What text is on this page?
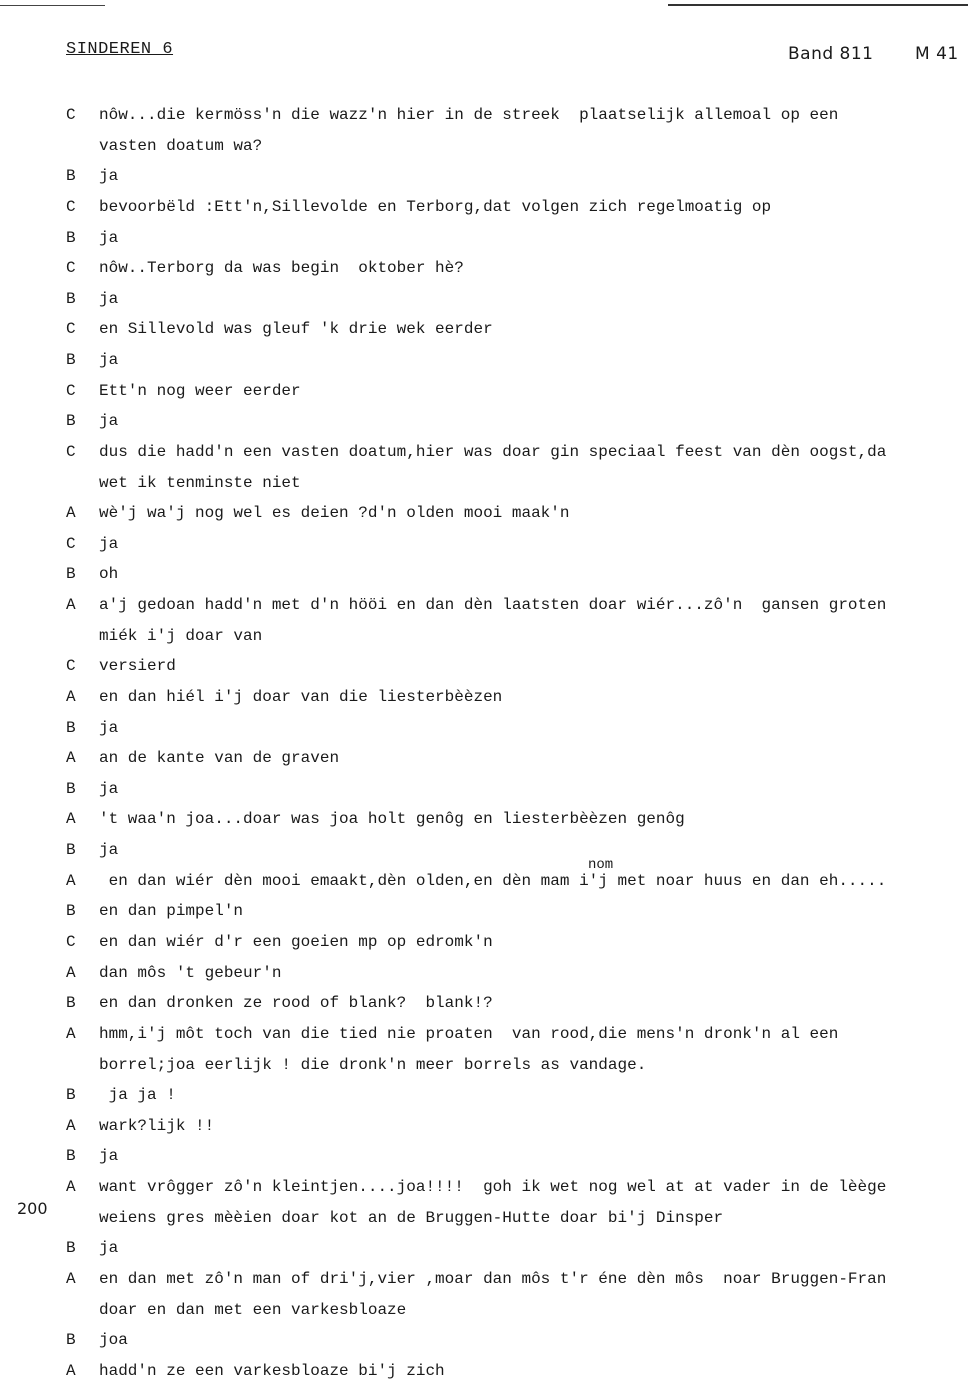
SINDEREN 6	Band 811 M 41
C nôw...die kermöss'n die wazz'n hier in de streek  plaatselijk allemoal op een
vasten doatum wa?
B ja
C bevoorbëld :Ett'n,Sillevolde en Terborg,dat volgen zich regelmoatig op
B ja
C nôw..Terborg da was begin  oktober hè?
B ja
C en Sillevold was gleuf 'k drie wek eerder
B ja
C Ett'n nog weer eerder
B ja
C dus die hadd'n een vasten doatum,hier was doar gin speciaal feest van dèn oogst,da
wet ik tenminste niet
A wè'j wa'j nog wel es deien ?d'n olden mooi maak'n
C ja
B oh
A a'j gedoan hadd'n met d'n hööi en dan dèn laatsten doar wiér...zô'n  gansen groten
miék i'j doar van
C versierd
A en dan hiél i'j doar van die liesterbèèzen
B ja
A an de kante van de graven
B ja
A 't waa'n joa...doar was joa holt genôg en liesterbèèzen genôg
B ja
A en dan wiér dèn mooi emaakt,dèn olden,en dèn mam i'j met noar huus en dan eh.....
B en dan pimpel'n
C en dan wiér d'r een goeien mp op edromk'n
A dan môs 't gebeur'n
B en dan dronken ze rood of blank?  blank!?
A hmm,i'j môt toch van die tied nie proaten  van rood,die mens'n dronk'n al een
borrel;joa eerlijk ! die dronk'n meer borrels as vandage.
B ja ja !
A wark?lijk !!
B ja
A want vrôgger zô'n kleintjen....joa!!!!  goh ik wet nog wel at at vader in de lèège
weiens gres mèèien doar kot an de Bruggen-Hutte doar bi'j Dinsper
B ja
A en dan met zô'n man of dri'j,vier ,moar dan môs t'r éne dèn môs  noar Bruggen-Fran
doar en dan met een varkesbloaze
B joa
A hadd'n ze een varkesbloaze bi'j zich
nom
200
